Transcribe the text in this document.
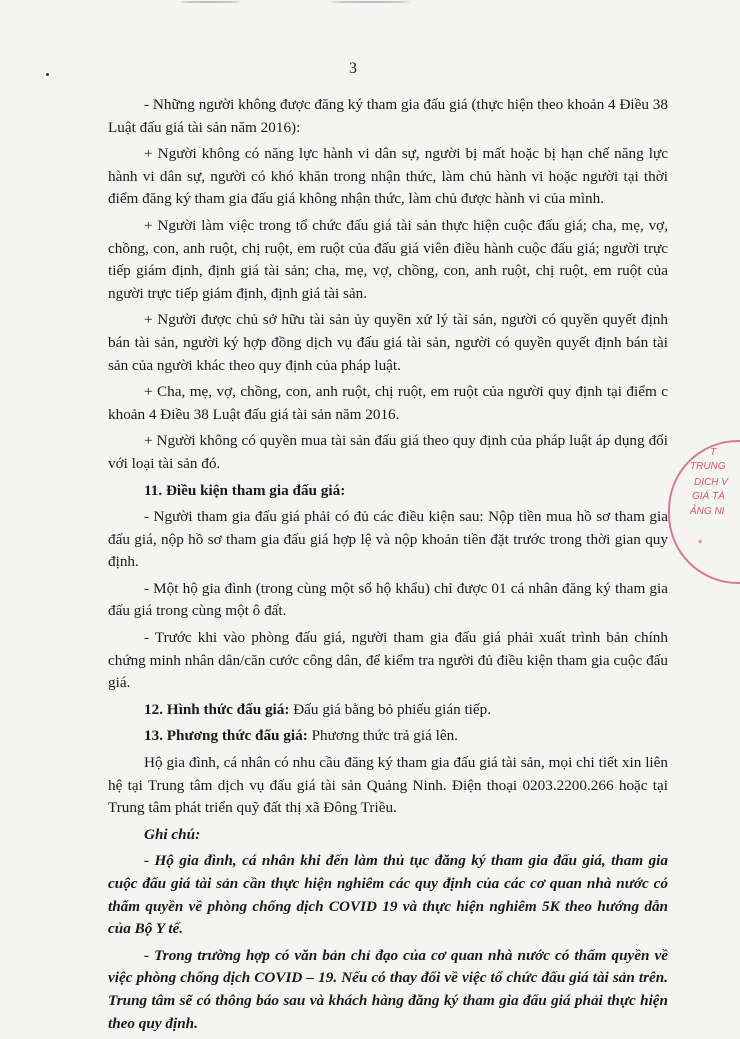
3

- Những người không được đăng ký tham gia đấu giá (thực hiện theo khoản 4 Điều 38 Luật đấu giá tài sản năm 2016):

+ Người không có năng lực hành vi dân sự, người bị mất hoặc bị hạn chế năng lực hành vi dân sự, người có khó khăn trong nhận thức, làm chủ hành vi hoặc người tại thời điểm đăng ký tham gia đấu giá không nhận thức, làm chủ được hành vi của mình.

+ Người làm việc trong tổ chức đấu giá tài sản thực hiện cuộc đấu giá; cha, mẹ, vợ, chồng, con, anh ruột, chị ruột, em ruột của đấu giá viên điều hành cuộc đấu giá; người trực tiếp giám định, định giá tài sản; cha, mẹ, vợ, chồng, con, anh ruột, chị ruột, em ruột của người trực tiếp giám định, định giá tài sản.

+ Người được chủ sở hữu tài sản ủy quyền xử lý tài sản, người có quyền quyết định bán tài sản, người ký hợp đồng dịch vụ đấu giá tài sản, người có quyền quyết định bán tài sản của người khác theo quy định của pháp luật.

+ Cha, mẹ, vợ, chồng, con, anh ruột, chị ruột, em ruột của người quy định tại điểm c khoản 4 Điều 38 Luật đấu giá tài sản năm 2016.

+ Người không có quyền mua tài sản đấu giá theo quy định của pháp luật áp dụng đối với loại tài sản đó.

11. Điều kiện tham gia đấu giá:

- Người tham gia đấu giá phải có đủ các điều kiện sau: Nộp tiền mua hồ sơ tham gia đấu giá, nộp hồ sơ tham gia đấu giá hợp lệ và nộp khoản tiền đặt trước trong thời gian quy định.

- Một hộ gia đình (trong cùng một sổ hộ khẩu) chỉ được 01 cá nhân đăng ký tham gia đấu giá trong cùng một ô đất.

- Trước khi vào phòng đấu giá, người tham gia đấu giá phải xuất trình bản chính chứng minh nhân dân/căn cước công dân, để kiểm tra người đủ điều kiện tham gia cuộc đấu giá.

12. Hình thức đấu giá: Đấu giá bằng bỏ phiếu gián tiếp.

13. Phương thức đấu giá: Phương thức trả giá lên.

Hộ gia đình, cá nhân có nhu cầu đăng ký tham gia đấu giá tài sản, mọi chi tiết xin liên hệ tại Trung tâm dịch vụ đấu giá tài sản Quảng Ninh. Điện thoại 0203.2200.266 hoặc tại Trung tâm phát triển quỹ đất thị xã Đông Triều.

Ghi chú:

- Hộ gia đình, cá nhân khi đến làm thủ tục đăng ký tham gia đấu giá, tham gia cuộc đấu giá tài sản cần thực hiện nghiêm các quy định của các cơ quan nhà nước có thẩm quyền về phòng chống dịch COVID 19 và thực hiện nghiêm 5K theo hướng dẫn của Bộ Y tế.

- Trong trường hợp có văn bản chỉ đạo của cơ quan nhà nước có thẩm quyền về việc phòng chống dịch COVID – 19. Nếu có thay đổi về việc tổ chức đấu giá tài sản trên. Trung tâm sẽ có thông báo sau và khách hàng đăng ký tham gia đấu giá phải thực hiện theo quy định.

T
TRUNG
DỊCH V
GIÁ TÀ
ẢNG NI
*
